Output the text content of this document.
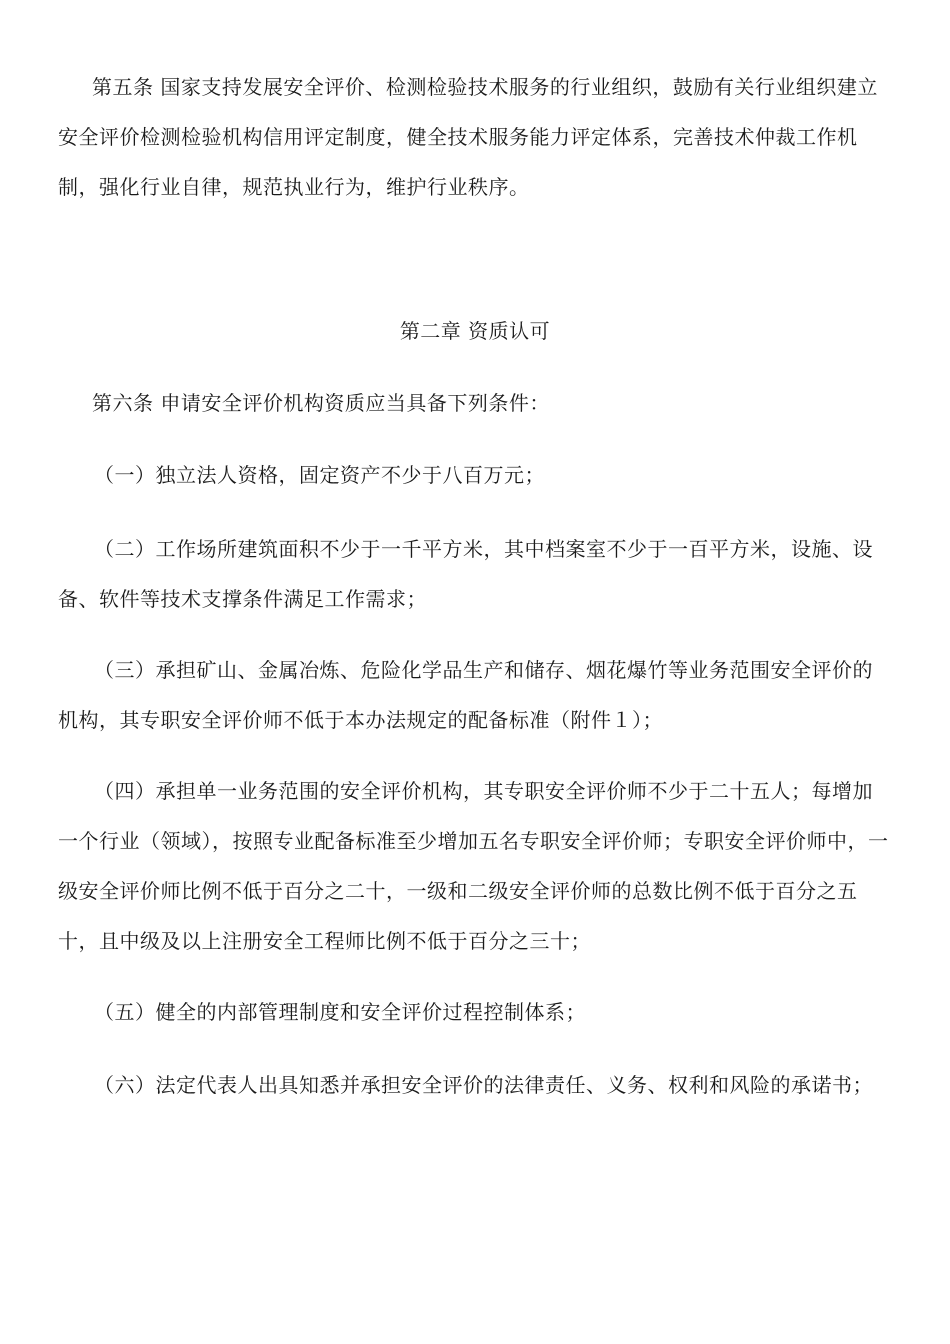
第五条 国家支持发展安全评价、检测检验技术服务的行业组织，鼓励有关行业组织建立安全评价检测检验机构信用评定制度，健全技术服务能力评定体系，完善技术仲裁工作机制，强化行业自律，规范执业行为，维护行业秩序。

第二章 资质认可

第六条 申请安全评价机构资质应当具备下列条件：

（一）独立法人资格，固定资产不少于八百万元；

（二）工作场所建筑面积不少于一千平方米，其中档案室不少于一百平方米，设施、设备、软件等技术支撑条件满足工作需求；

（三）承担矿山、金属冶炼、危险化学品生产和储存、烟花爆竹等业务范围安全评价的机构，其专职安全评价师不低于本办法规定的配备标准（附件１）；

（四）承担单一业务范围的安全评价机构，其专职安全评价师不少于二十五人；每增加一个行业（领域），按照专业配备标准至少增加五名专职安全评价师；专职安全评价师中，一级安全评价师比例不低于百分之二十，一级和二级安全评价师的总数比例不低于百分之五十，且中级及以上注册安全工程师比例不低于百分之三十；

（五）健全的内部管理制度和安全评价过程控制体系；

（六）法定代表人出具知悉并承担安全评价的法律责任、义务、权利和风险的承诺书；
